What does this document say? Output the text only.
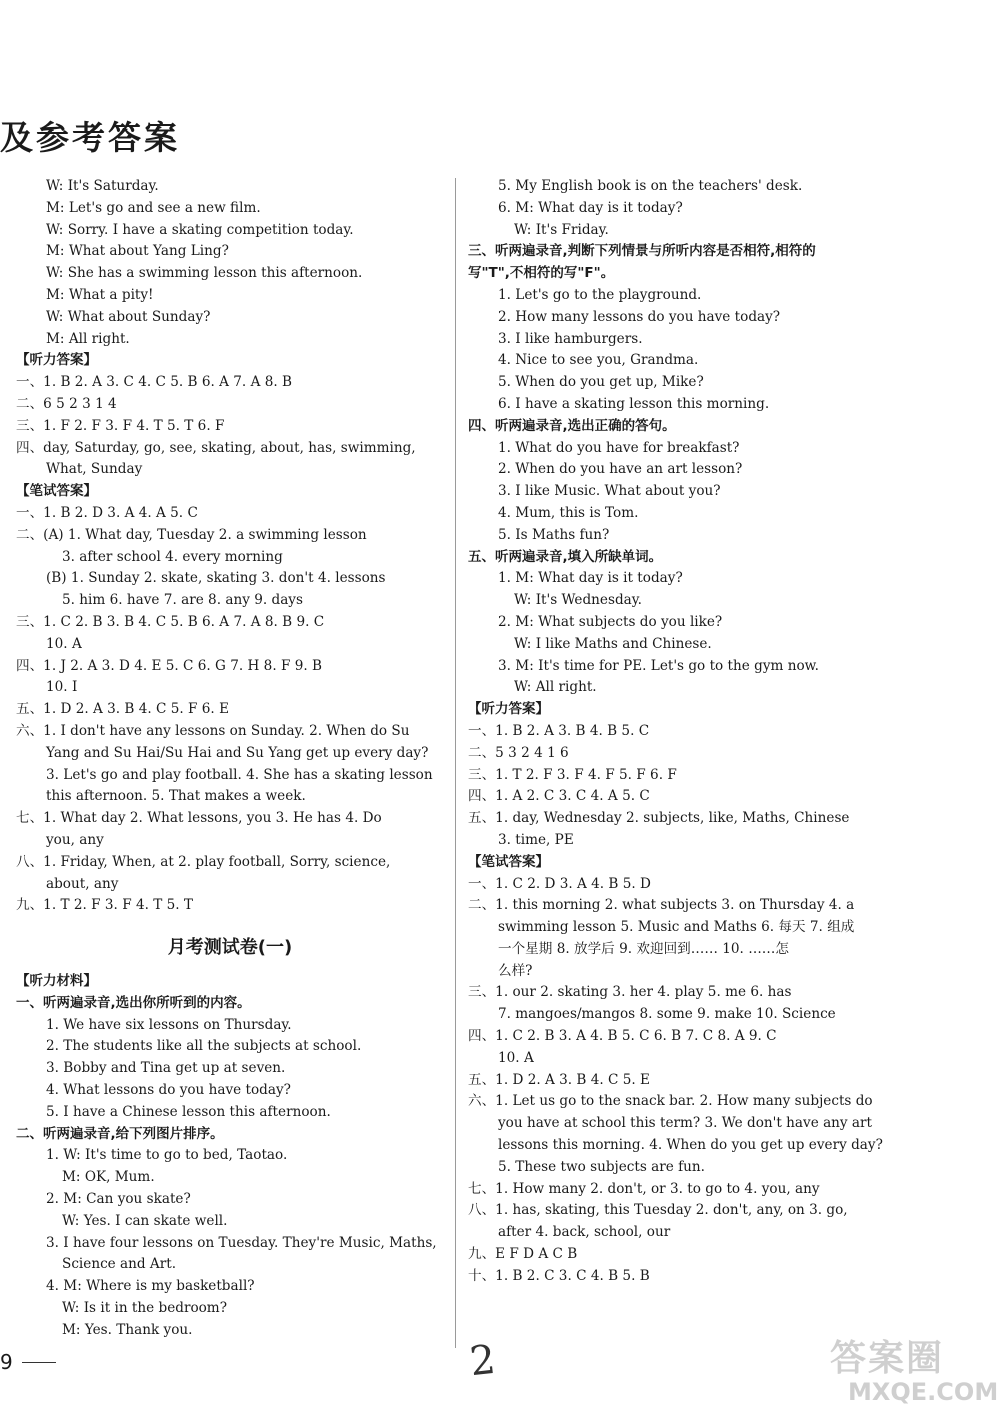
及参考答案
W: It's Saturday.
M: Let's go and see a new film.
W: Sorry. I have a skating competition today.
M: What about Yang Ling?
W: She has a swimming lesson this afternoon.
M: What a pity!
W: What about Sunday?
M: All right.
【听力答案】
一、1. B 2. A 3. C 4. C 5. B 6. A 7. A 8. B
二、6 5 2 3 1 4
三、1. F 2. F 3. F 4. T 5. T 6. F
四、day, Saturday, go, see, skating, about, has, swimming,
What, Sunday
【笔试答案】
一、1. B 2. D 3. A 4. A 5. C
二、(A) 1. What day, Tuesday 2. a swimming lesson
3. after school 4. every morning
(B) 1. Sunday 2. skate, skating 3. don't 4. lessons
5. him 6. have 7. are 8. any 9. days
三、1. C 2. B 3. B 4. C 5. B 6. A 7. A 8. B 9. C
10. A
四、1. J 2. A 3. D 4. E 5. C 6. G 7. H 8. F 9. B
10. I
五、1. D 2. A 3. B 4. C 5. F 6. E
六、1. I don't have any lessons on Sunday. 2. When do Su
Yang and Su Hai/Su Hai and Su Yang get up every day?
3. Let's go and play football. 4. She has a skating lesson
this afternoon. 5. That makes a week.
七、1. What day 2. What lessons, you 3. He has 4. Do
you, any
八、1. Friday, When, at 2. play football, Sorry, science,
about, any
九、1. T 2. F 3. F 4. T 5. T
月考测试卷(一)
【听力材料】
一、听两遍录音,选出你所听到的内容。
1. We have six lessons on Thursday.
2. The students like all the subjects at school.
3. Bobby and Tina get up at seven.
4. What lessons do you have today?
5. I have a Chinese lesson this afternoon.
二、听两遍录音,给下列图片排序。
1. W: It's time to go to bed, Taotao.
M: OK, Mum.
2. M: Can you skate?
W: Yes. I can skate well.
3. I have four lessons on Tuesday. They're Music, Maths,
Science and Art.
4. M: Where is my basketball?
W: Is it in the bedroom?
M: Yes. Thank you.
5. My English book is on the teachers' desk.
6. M: What day is it today?
W: It's Friday.
三、听两遍录音,判断下列情景与所听内容是否相符,相符的
写"T",不相符的写"F"。
1. Let's go to the playground.
2. How many lessons do you have today?
3. I like hamburgers.
4. Nice to see you, Grandma.
5. When do you get up, Mike?
6. I have a skating lesson this morning.
四、听两遍录音,选出正确的答句。
1. What do you have for breakfast?
2. When do you have an art lesson?
3. I like Music. What about you?
4. Mum, this is Tom.
5. Is Maths fun?
五、听两遍录音,填入所缺单词。
1. M: What day is it today?
W: It's Wednesday.
2. M: What subjects do you like?
W: I like Maths and Chinese.
3. M: It's time for PE. Let's go to the gym now.
W: All right.
【听力答案】
一、1. B 2. A 3. B 4. B 5. C
二、5 3 2 4 1 6
三、1. T 2. F 3. F 4. F 5. F 6. F
四、1. A 2. C 3. C 4. A 5. C
五、1. day, Wednesday 2. subjects, like, Maths, Chinese
3. time, PE
【笔试答案】
一、1. C 2. D 3. A 4. B 5. D
二、1. this morning 2. what subjects 3. on Thursday 4. a
swimming lesson 5. Music and Maths 6. 每天 7. 组成
一个星期 8. 放学后 9. 欢迎回到…… 10. ……怎
么样?
三、1. our 2. skating 3. her 4. play 5. me 6. has
7. mangoes/mangos 8. some 9. make 10. Science
四、1. C 2. B 3. A 4. B 5. C 6. B 7. C 8. A 9. C
10. A
五、1. D 2. A 3. B 4. C 5. E
六、1. Let us go to the snack bar. 2. How many subjects do
you have at school this term? 3. We don't have any art
lessons this morning. 4. When do you get up every day?
5. These two subjects are fun.
七、1. How many 2. don't, or 3. to go to 4. you, any
八、1. has, skating, this Tuesday 2. don't, any, on 3. go,
after 4. back, school, our
九、E F D A C B
十、1. B 2. C 3. C 4. B 5. B
9	2	答案圈
MXQE.COM
